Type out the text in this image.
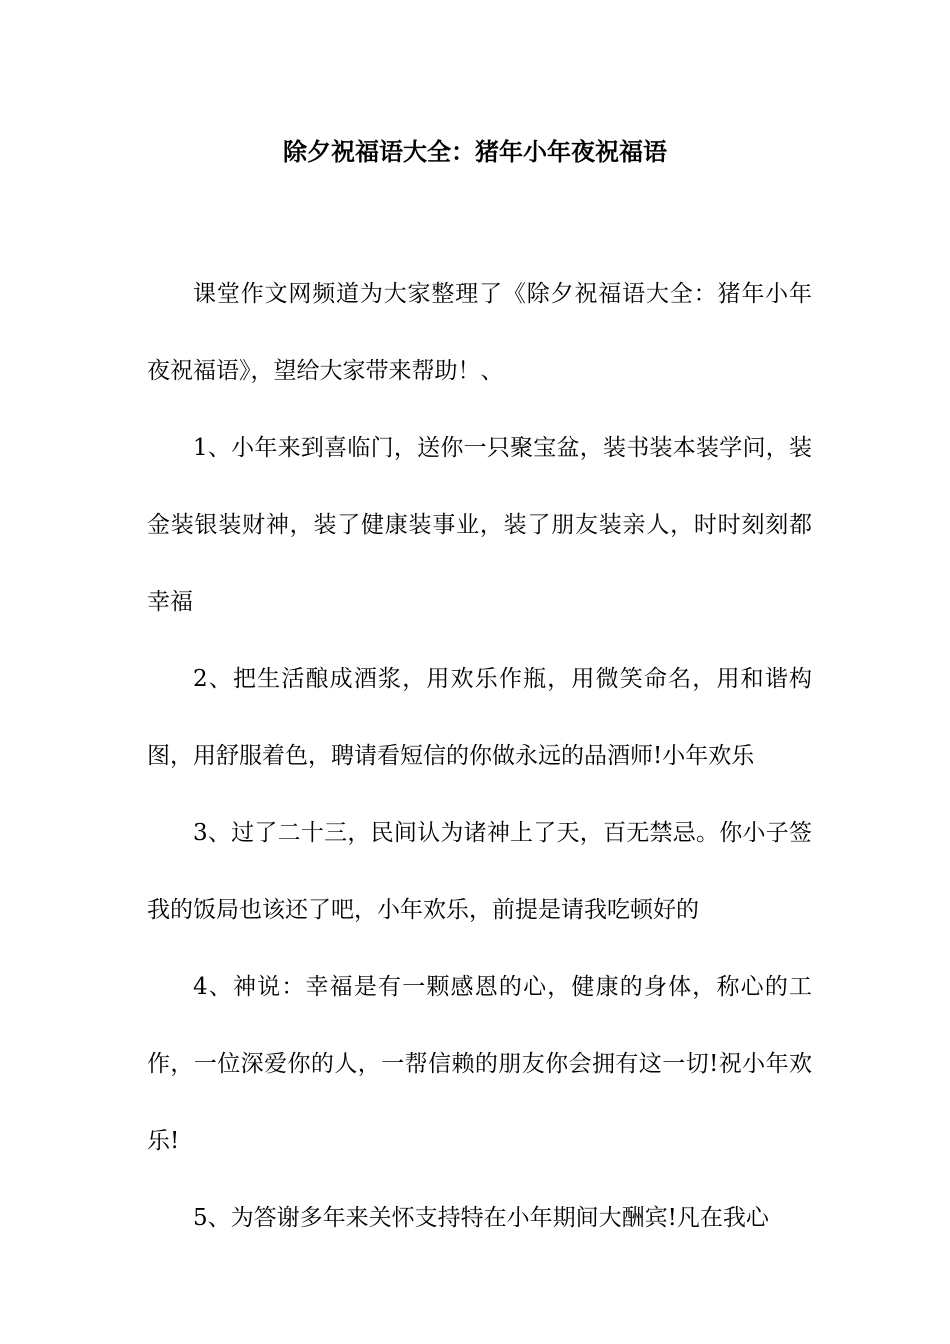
除夕祝福语大全：猪年小年夜祝福语

课堂作文网频道为大家整理了《除夕祝福语大全：猪年小年夜祝福语》，望给大家带来帮助！、

1、小年来到喜临门，送你一只聚宝盆，装书装本装学问，装金装银装财神，装了健康装事业，装了朋友装亲人，时时刻刻都幸福

2、把生活酿成酒浆，用欢乐作瓶，用微笑命名，用和谐构图，用舒服着色，聘请看短信的你做永远的品酒师!小年欢乐

3、过了二十三，民间认为诸神上了天，百无禁忌。你小子签我的饭局也该还了吧，小年欢乐，前提是请我吃顿好的

4、神说：幸福是有一颗感恩的心，健康的身体，称心的工作，一位深爱你的人，一帮信赖的朋友你会拥有这一切!祝小年欢乐!

5、为答谢多年来关怀支持特在小年期间大酬宾!凡在我心
